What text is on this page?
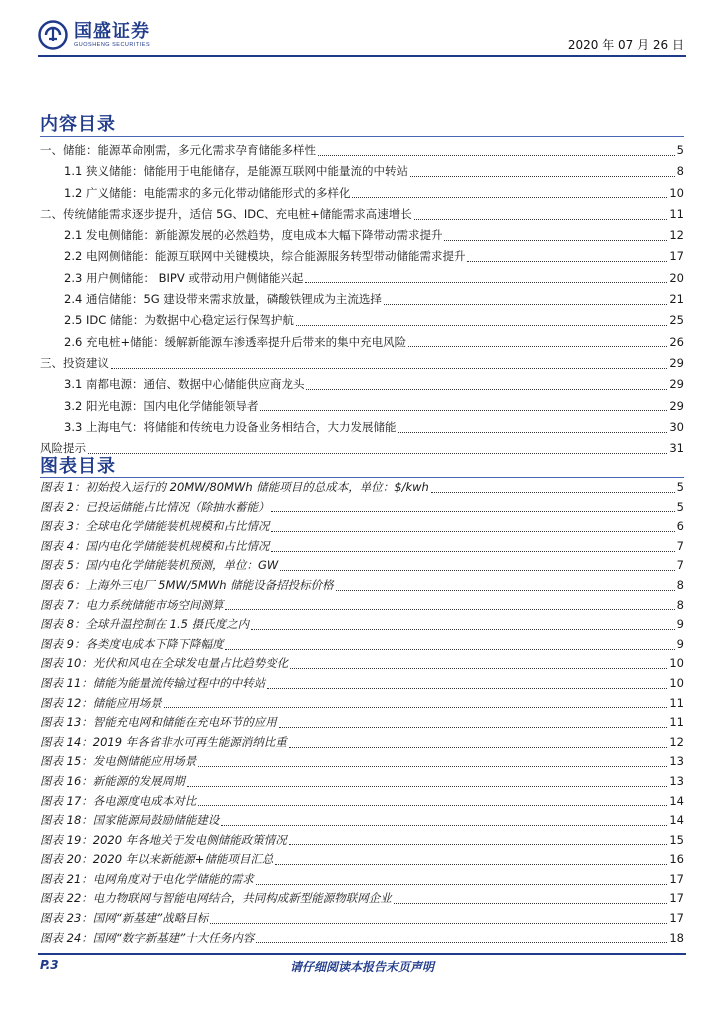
国盛证券
GUOSHENG SECURITIES	2020 年 07 月 26 日
内容目录
一、储能：能源革命刚需，多元化需求孕育储能多样性	5
1.1 狭义储能：储能用于电能储存，是能源互联网中能量流的中转站	8
1.2 广义储能：电能需求的多元化带动储能形式的多样化	10
二、传统储能需求逐步提升，适信 5G、IDC、充电桩+储能需求高速增长	11
2.1 发电侧储能：新能源发展的必然趋势，度电成本大幅下降带动需求提升	12
2.2 电网侧储能：能源互联网中关键模块，综合能源服务转型带动储能需求提升	17
2.3 用户侧储能： BIPV 或带动用户侧储能兴起	20
2.4 通信储能：5G 建设带来需求放量，磷酸铁锂成为主流选择	21
2.5 IDC 储能：为数据中心稳定运行保驾护航	25
2.6 充电桩+储能：缓解新能源车渗透率提升后带来的集中充电风险	26
三、投资建议	29
3.1 南都电源：通信、数据中心储能供应商龙头	29
3.2 阳光电源：国内电化学储能领导者	29
3.3 上海电气：将储能和传统电力设备业务相结合，大力发展储能	30
风险提示	31
图表目录
图表 1：初始投入运行的 20MW/80MWh 储能项目的总成本，单位：$/kwh	5
图表 2：已投运储能占比情况（除抽水蓄能）	5
图表 3：全球电化学储能装机规模和占比情况	6
图表 4：国内电化学储能装机规模和占比情况	7
图表 5：国内电化学储能装机预测，单位：GW	7
图表 6：上海外三电厂 5MW/5MWh 储能设备招投标价格	8
图表 7：电力系统储能市场空间测算	8
图表 8：全球升温控制在 1.5 摄氏度之内	9
图表 9：各类度电成本下降下降幅度	9
图表 10：光伏和风电在全球发电量占比趋势变化	10
图表 11：储能为能量流传输过程中的中转站	10
图表 12：储能应用场景	11
图表 13：智能充电网和储能在充电环节的应用	11
图表 14：2019 年各省非水可再生能源消纳比重	12
图表 15：发电侧储能应用场景	13
图表 16：新能源的发展周期	13
图表 17：各电源度电成本对比	14
图表 18：国家能源局鼓励储能建设	14
图表 19：2020 年各地关于发电侧储能政策情况	15
图表 20：2020 年以来新能源+储能项目汇总	16
图表 21：电网角度对于电化学储能的需求	17
图表 22：电力物联网与智能电网结合，共同构成新型能源物联网企业	17
图表 23：国网“新基建”战略目标	17
图表 24：国网“数字新基建”十大任务内容	18
P.3	请仔细阅读本报告末页声明
